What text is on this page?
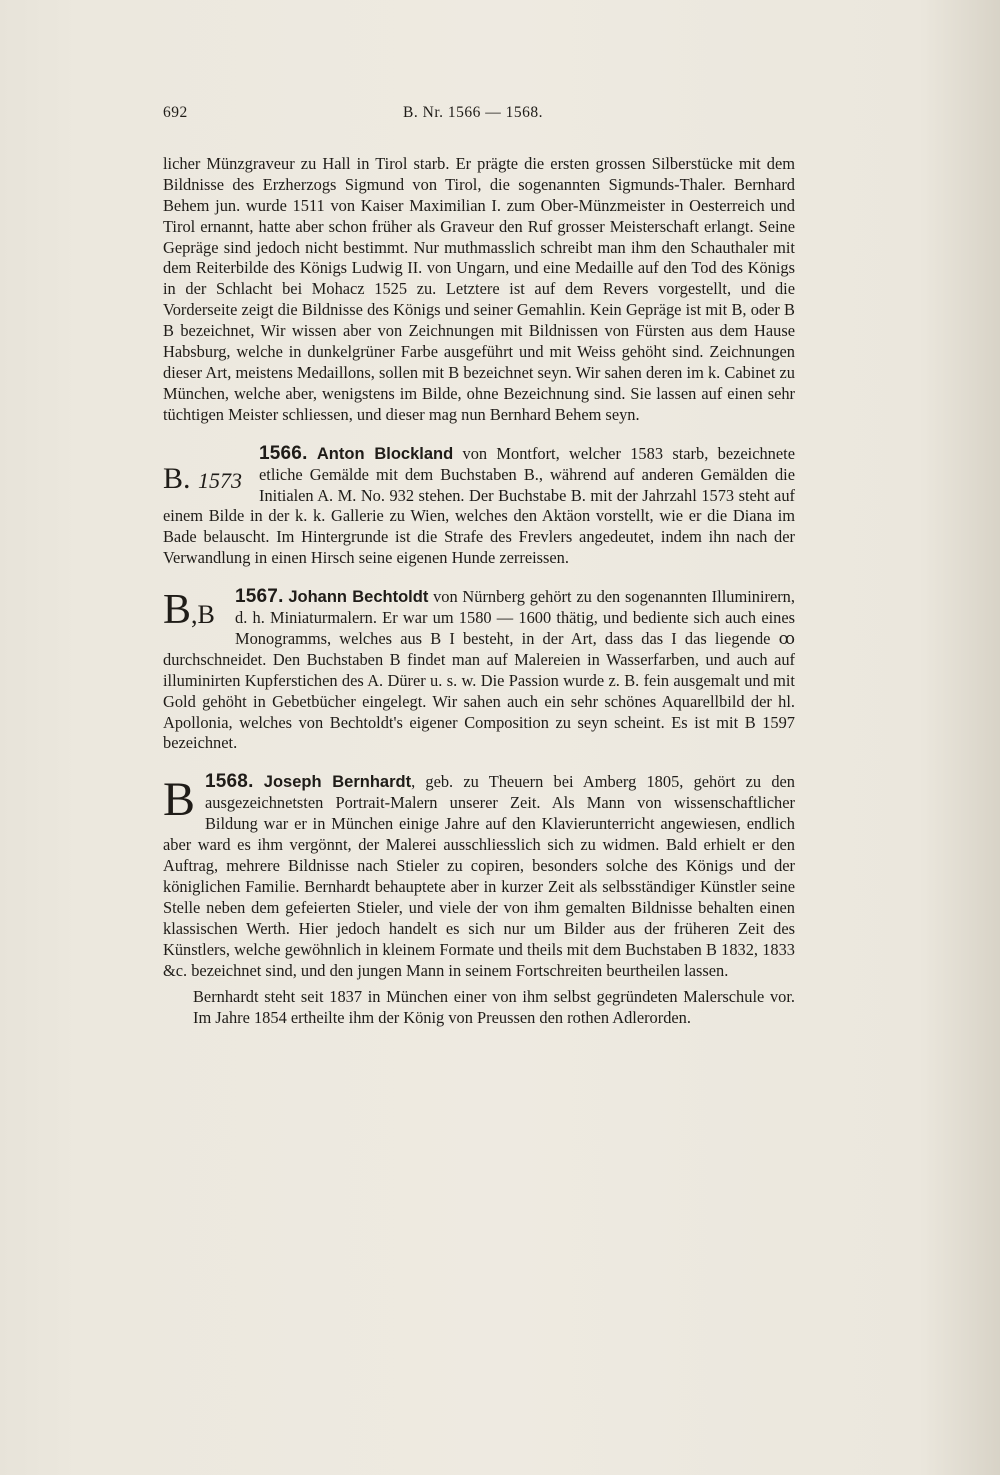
692	B. Nr. 1566 — 1568.

licher Münzgraveur zu Hall in Tirol starb. Er prägte die ersten grossen Silberstücke mit dem Bildnisse des Erzherzogs Sigmund von Tirol, die sogenannten Sigmunds-Thaler. Bernhard Behem jun. wurde 1511 von Kaiser Maximilian I. zum Ober-Münzmeister in Oesterreich und Tirol ernannt, hatte aber schon früher als Graveur den Ruf grosser Meisterschaft erlangt. Seine Gepräge sind jedoch nicht bestimmt. Nur muthmasslich schreibt man ihm den Schauthaler mit dem Reiterbilde des Königs Ludwig II. von Ungarn, und eine Medaille auf den Tod des Königs in der Schlacht bei Mohacz 1525 zu. Letztere ist auf dem Revers vorgestellt, und die Vorderseite zeigt die Bildnisse des Königs und seiner Gemahlin. Kein Gepräge ist mit B, oder B B bezeichnet, Wir wissen aber von Zeichnungen mit Bildnissen von Fürsten aus dem Hause Habsburg, welche in dunkelgrüner Farbe ausgeführt und mit Weiss gehöht sind. Zeichnungen dieser Art, meistens Medaillons, sollen mit B bezeichnet seyn. Wir sahen deren im k. Cabinet zu München, welche aber, wenigstens im Bilde, ohne Bezeichnung sind. Sie lassen auf einen sehr tüchtigen Meister schliessen, und dieser mag nun Bernhard Behem seyn.

B. 1573

1566. Anton Blockland von Montfort, welcher 1583 starb, bezeichnete etliche Gemälde mit dem Buchstaben B., während auf anderen Gemälden die Initialen A. M. No. 932 stehen. Der Buchstabe B. mit der Jahrzahl 1573 steht auf einem Bilde in der k. k. Gallerie zu Wien, welches den Aktäon vorstellt, wie er die Diana im Bade belauscht. Im Hintergrunde ist die Strafe des Frevlers angedeutet, indem ihn nach der Verwandlung in einen Hirsch seine eigenen Hunde zerreissen.

B,B

1567. Johann Bechtoldt von Nürnberg gehört zu den sogenannten Illuminirern, d. h. Miniaturmalern. Er war um 1580 — 1600 thätig, und bediente sich auch eines Monogramms, welches aus B I besteht, in der Art, dass das I das liegende ꝏ durchschneidet. Den Buchstaben B findet man auf Malereien in Wasserfarben, und auch auf illuminirten Kupferstichen des A. Dürer u. s. w. Die Passion wurde z. B. fein ausgemalt und mit Gold gehöht in Gebetbücher eingelegt. Wir sahen auch ein sehr schönes Aquarellbild der hl. Apollonia, welches von Bechtoldt's eigener Composition zu seyn scheint. Es ist mit B 1597 bezeichnet.

B 1568. Joseph Bernhardt, geb. zu Theuern bei Amberg 1805, gehört zu den ausgezeichnetsten Portrait-Malern unserer Zeit. Als Mann von wissenschaftlicher Bildung war er in München einige Jahre auf den Klavierunterricht angewiesen, endlich aber ward es ihm vergönnt, der Malerei ausschliesslich sich zu widmen. Bald erhielt er den Auftrag, mehrere Bildnisse nach Stieler zu copiren, besonders solche des Königs und der königlichen Familie. Bernhardt behauptete aber in kurzer Zeit als selbsständiger Künstler seine Stelle neben dem gefeierten Stieler, und viele der von ihm gemalten Bildnisse behalten einen klassischen Werth. Hier jedoch handelt es sich nur um Bilder aus der früheren Zeit des Künstlers, welche gewöhnlich in kleinem Formate und theils mit dem Buchstaben B 1832, 1833 &c. bezeichnet sind, und den jungen Mann in seinem Fortschreiten beurtheilen lassen.

Bernhardt steht seit 1837 in München einer von ihm selbst gegründeten Malerschule vor. Im Jahre 1854 ertheilte ihm der König von Preussen den rothen Adlerorden.
